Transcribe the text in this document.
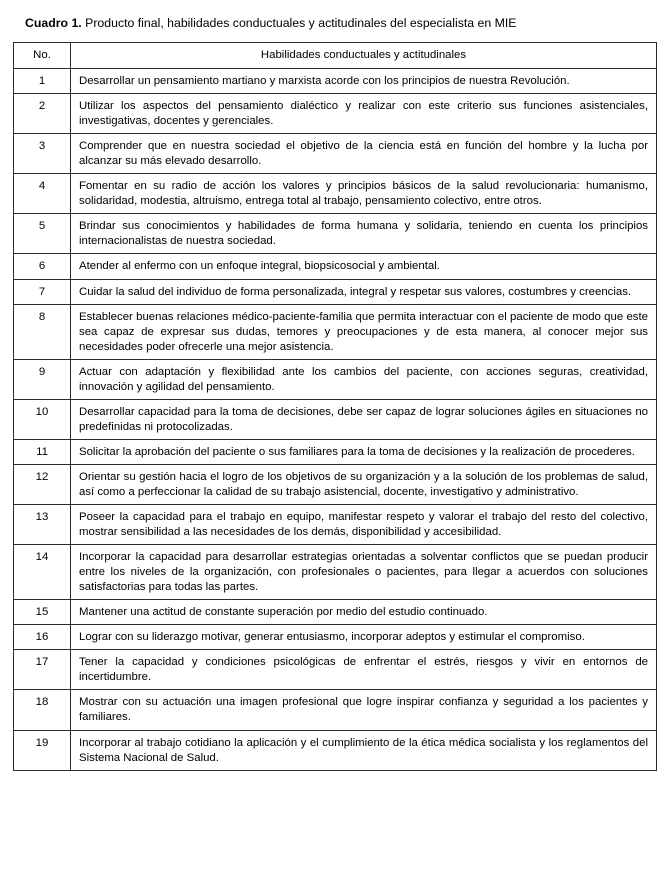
Cuadro 1. Producto final, habilidades conductuales y actitudinales del especialista en MIE

No.	Habilidades conductuales y actitudinales
1	Desarrollar un pensamiento martiano y marxista acorde con los principios de nuestra Revolución.
2	Utilizar los aspectos del pensamiento dialéctico y realizar con este criterio sus funciones asistenciales, investigativas, docentes y gerenciales.
3	Comprender que en nuestra sociedad el objetivo de la ciencia está en función del hombre y la lucha por alcanzar su más elevado desarrollo.
4	Fomentar en su radio de acción los valores y principios básicos de la salud revolucionaria: humanismo, solidaridad, modestia, altruismo, entrega total al trabajo, pensamiento colectivo, entre otros.
5	Brindar sus conocimientos y habilidades de forma humana y solidaria, teniendo en cuenta los principios internacionalistas de nuestra sociedad.
6	Atender al enfermo con un enfoque integral, biopsicosocial y ambiental.
7	Cuidar la salud del individuo de forma personalizada, integral y respetar sus valores, costumbres y creencias.
8	Establecer buenas relaciones médico-paciente-familia que permita interactuar con el paciente de modo que este sea capaz de expresar sus dudas, temores y preocupaciones y de esta manera, al conocer mejor sus necesidades poder ofrecerle una mejor asistencia.
9	Actuar con adaptación y flexibilidad ante los cambios del paciente, con acciones seguras, creatividad, innovación y agilidad del pensamiento.
10	Desarrollar capacidad para la toma de decisiones, debe ser capaz de lograr soluciones ágiles en situaciones no predefinidas ni protocolizadas.
11	Solicitar la aprobación del paciente o sus familiares para la toma de decisiones y la realización de procederes.
12	Orientar su gestión hacia el logro de los objetivos de su organización y a la solución de los problemas de salud, así como a perfeccionar la calidad de su trabajo asistencial, docente, investigativo y administrativo.
13	Poseer la capacidad para el trabajo en equipo, manifestar respeto y valorar el trabajo del resto del colectivo, mostrar sensibilidad a las necesidades de los demás, disponibilidad y accesibilidad.
14	Incorporar la capacidad para desarrollar estrategias orientadas a solventar conflictos que se puedan producir entre los niveles de la organización, con profesionales o pacientes, para llegar a acuerdos con soluciones satisfactorias para todas las partes.
15	Mantener una actitud de constante superación por medio del estudio continuado.
16	Lograr con su liderazgo motivar, generar entusiasmo, incorporar adeptos y estimular el compromiso.
17	Tener la capacidad y condiciones psicológicas de enfrentar el estrés, riesgos y vivir en entornos de incertidumbre.
18	Mostrar con su actuación una imagen profesional que logre inspirar confianza y seguridad a los pacientes y familiares.
19	Incorporar al trabajo cotidiano la aplicación y el cumplimiento de la ética médica socialista y los reglamentos del Sistema Nacional de Salud.
